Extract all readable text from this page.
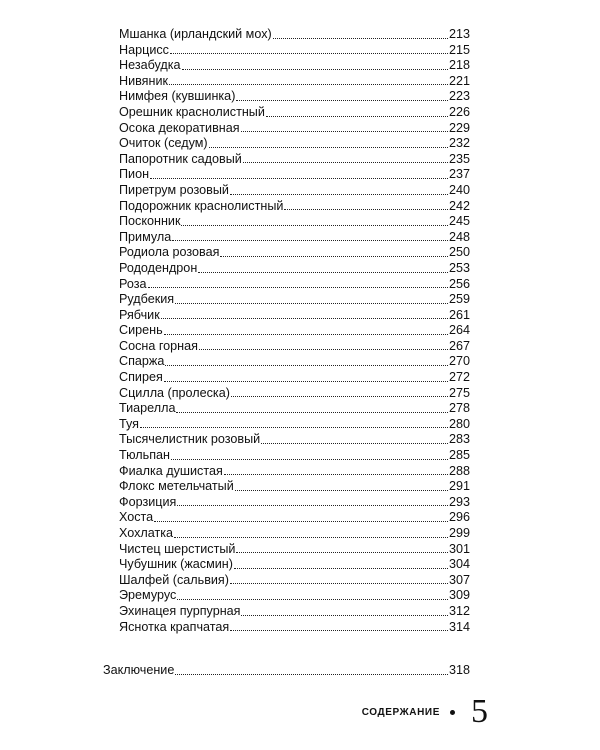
Мшанка (ирландский мох)	213
Нарцисс	215
Незабудка	218
Нивяник	221
Нимфея (кувшинка)	223
Орешник краснолистный	226
Осока декоративная	229
Очиток (седум)	232
Папоротник садовый	235
Пион	237
Пиретрум розовый	240
Подорожник краснолистный	242
Посконник	245
Примула	248
Родиола розовая	250
Рододендрон	253
Роза	256
Рудбекия	259
Рябчик	261
Сирень	264
Сосна горная	267
Спаржа	270
Спирея	272
Сцилла (пролеска)	275
Тиарелла	278
Туя	280
Тысячелистник розовый	283
Тюльпан	285
Фиалка душистая	288
Флокс метельчатый	291
Форзиция	293
Хоста	296
Хохлатка	299
Чистец шерстистый	301
Чубушник (жасмин)	304
Шалфей (сальвия)	307
Эремурус	309
Эхинацея пурпурная	312
Яснотка крапчатая	314
Заключение	318
СОДЕРЖАНИЕ 5
